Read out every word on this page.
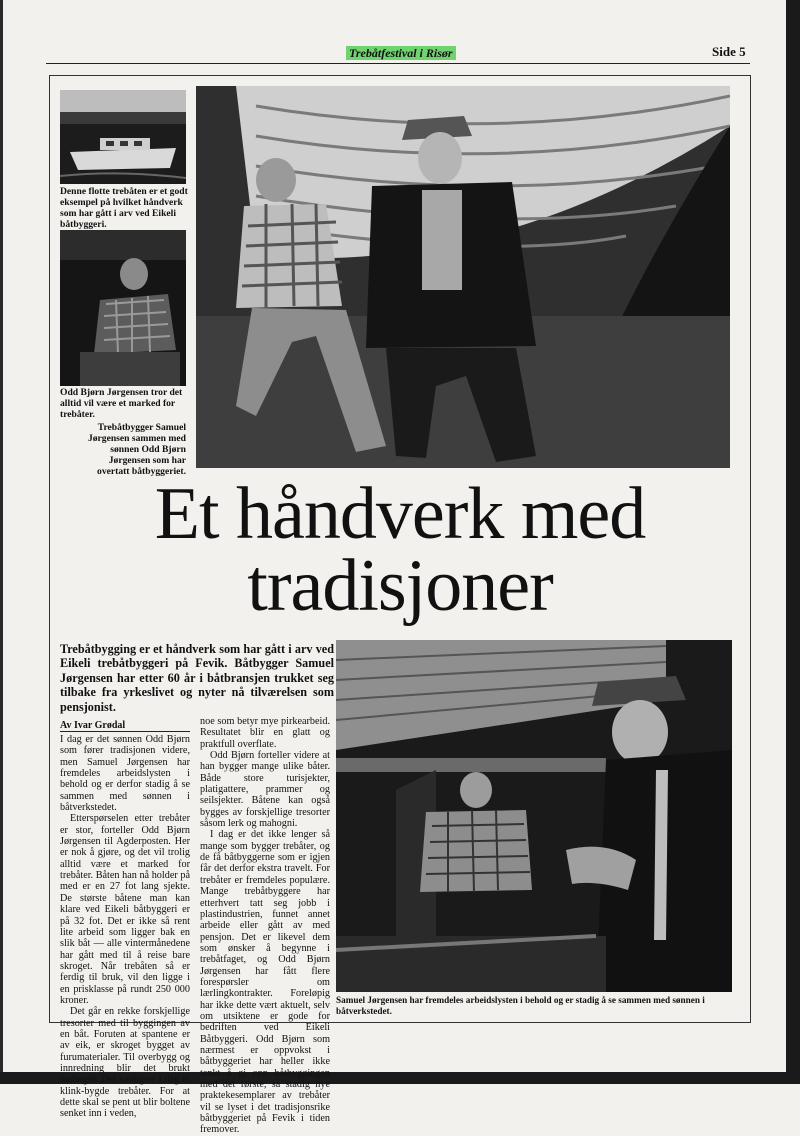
Trebåtfestival i Risør	Side 5
Denne flotte trebåten er et godt eksempel på hvilket håndverk som har gått i arv ved Eikeli båtbyggeri.
Odd Bjørn Jørgensen tror det alltid vil være et marked for trebåter.
Trebåtbygger Samuel Jørgensen sammen med sønnen Odd Bjørn Jørgensen som har overtatt båtbyggeriet.
Et håndverk med
tradisjoner
Trebåtbygging er et håndverk som har gått i arv ved Eikeli trebåtbyggeri på Fevik. Båtbygger Samuel Jørgensen har etter 60 år i båtbransjen trukket seg tilbake fra yrkeslivet og nyter nå tilværelsen som pensjonist.
Av Ivar Grødal

I dag er det sønnen Odd Bjørn som fører tradisjonen videre, men Samuel Jørgensen har fremdeles arbeidslysten i behold og er derfor stadig å se sammen med sønnen i båtverkstedet.

Etterspørselen etter trebåter er stor, forteller Odd Bjørn Jørgensen til Agderposten. Her er nok å gjøre, og det vil trolig alltid være et marked for trebåter. Båten han nå holder på med er en 27 fot lang sjekte. De største båtene man kan klare ved Eikeli båtbyggeri er på 32 fot. Det er ikke så rent lite arbeid som ligger bak en slik båt — alle vintermånedene har gått med til å reise bare skroget. Når trebåten så er ferdig til bruk, vil den ligge i en prisklasse på rundt 250 000 kroner.

Det går en rekke forskjellige tresorter med til byggingen av en båt. Foruten at spantene er av eik, er skroget bygget av furumaterialer. Til overbygg og innredning blir det brukt mahogni. Det vanligste i dag er klink-bygde trebåter. For at dette skal se pent ut blir boltene senket inn i veden,

noe som betyr mye pirkearbeid. Resultatet blir en glatt og praktfull overflate.

Odd Bjørn forteller videre at han bygger mange ulike båter. Både store turisjekter, platigattere, prammer og seilsjekter. Båtene kan også bygges av forskjellige tresorter såsom lerk og mahogni.

I dag er det ikke lenger så mange som bygger trebåter, og de få båtbyggerne som er igjen får det derfor ekstra travelt. For trebåter er fremdeles populære. Mange trebåtbyggere har etterhvert tatt seg jobb i plastindustrien, funnet annet arbeide eller gått av med pensjon. Det er likevel dem som ønsker å begynne i trebåtfaget, og Odd Bjørn Jørgensen har fått flere forespørsler om lærlingkontrakter. Foreløpig har ikke dette vært aktuelt, selv om utsiktene er gode for bedriften ved Eikeli Båtbyggeri. Odd Bjørn som nærmest er oppvokst i båtbyggeriet har heller ikke tenkt å gi opp båtbyggingen med det første, så stadig nye praktekesemplarer av trebåter vil se lyset i det tradisjonsrike båtbyggeriet på Fevik i tiden fremover.

Samuel Jørgensen har fremdeles arbeidslysten i behold og er stadig å se sammen med sønnen i båtverkstedet.
